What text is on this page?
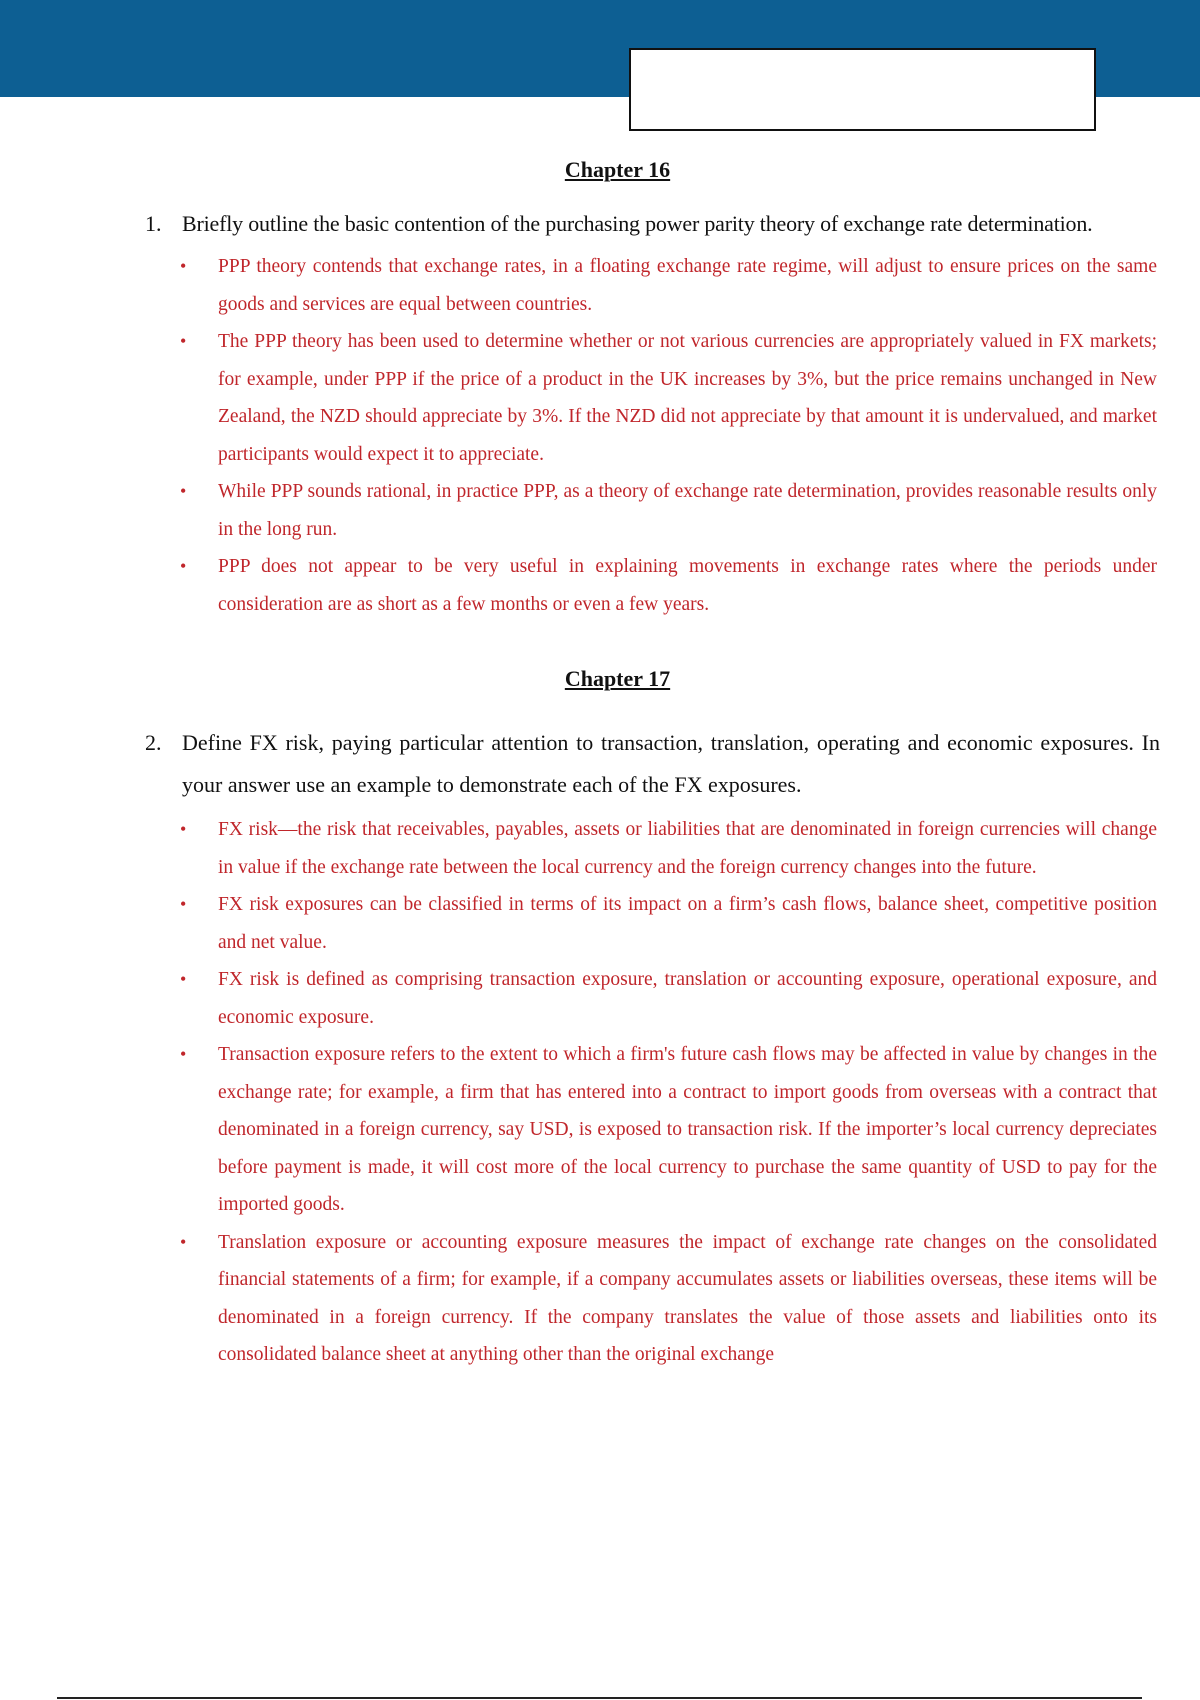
Chapter 16
1. Briefly outline the basic contention of the purchasing power parity theory of exchange rate determination.
• PPP theory contends that exchange rates, in a floating exchange rate regime, will adjust to ensure prices on the same goods and services are equal between countries.
• The PPP theory has been used to determine whether or not various currencies are appropriately valued in FX markets; for example, under PPP if the price of a product in the UK increases by 3%, but the price remains unchanged in New Zealand, the NZD should appreciate by 3%. If the NZD did not appreciate by that amount it is undervalued, and market participants would expect it to appreciate.
• While PPP sounds rational, in practice PPP, as a theory of exchange rate determination, provides reasonable results only in the long run.
• PPP does not appear to be very useful in explaining movements in exchange rates where the periods under consideration are as short as a few months or even a few years.
Chapter 17
2. Define FX risk, paying particular attention to transaction, translation, operating and economic exposures. In your answer use an example to demonstrate each of the FX exposures.
• FX risk—the risk that receivables, payables, assets or liabilities that are denominated in foreign currencies will change in value if the exchange rate between the local currency and the foreign currency changes into the future.
• FX risk exposures can be classified in terms of its impact on a firm’s cash flows, balance sheet, competitive position and net value.
• FX risk is defined as comprising transaction exposure, translation or accounting exposure, operational exposure, and economic exposure.
• Transaction exposure refers to the extent to which a firm's future cash flows may be affected in value by changes in the exchange rate; for example, a firm that has entered into a contract to import goods from overseas with a contract that denominated in a foreign currency, say USD, is exposed to transaction risk. If the importer’s local currency depreciates before payment is made, it will cost more of the local currency to purchase the same quantity of USD to pay for the imported goods.
• Translation exposure or accounting exposure measures the impact of exchange rate changes on the consolidated financial statements of a firm; for example, if a company accumulates assets or liabilities overseas, these items will be denominated in a foreign currency. If the company translates the value of those assets and liabilities onto its consolidated balance sheet at anything other than the original exchange
